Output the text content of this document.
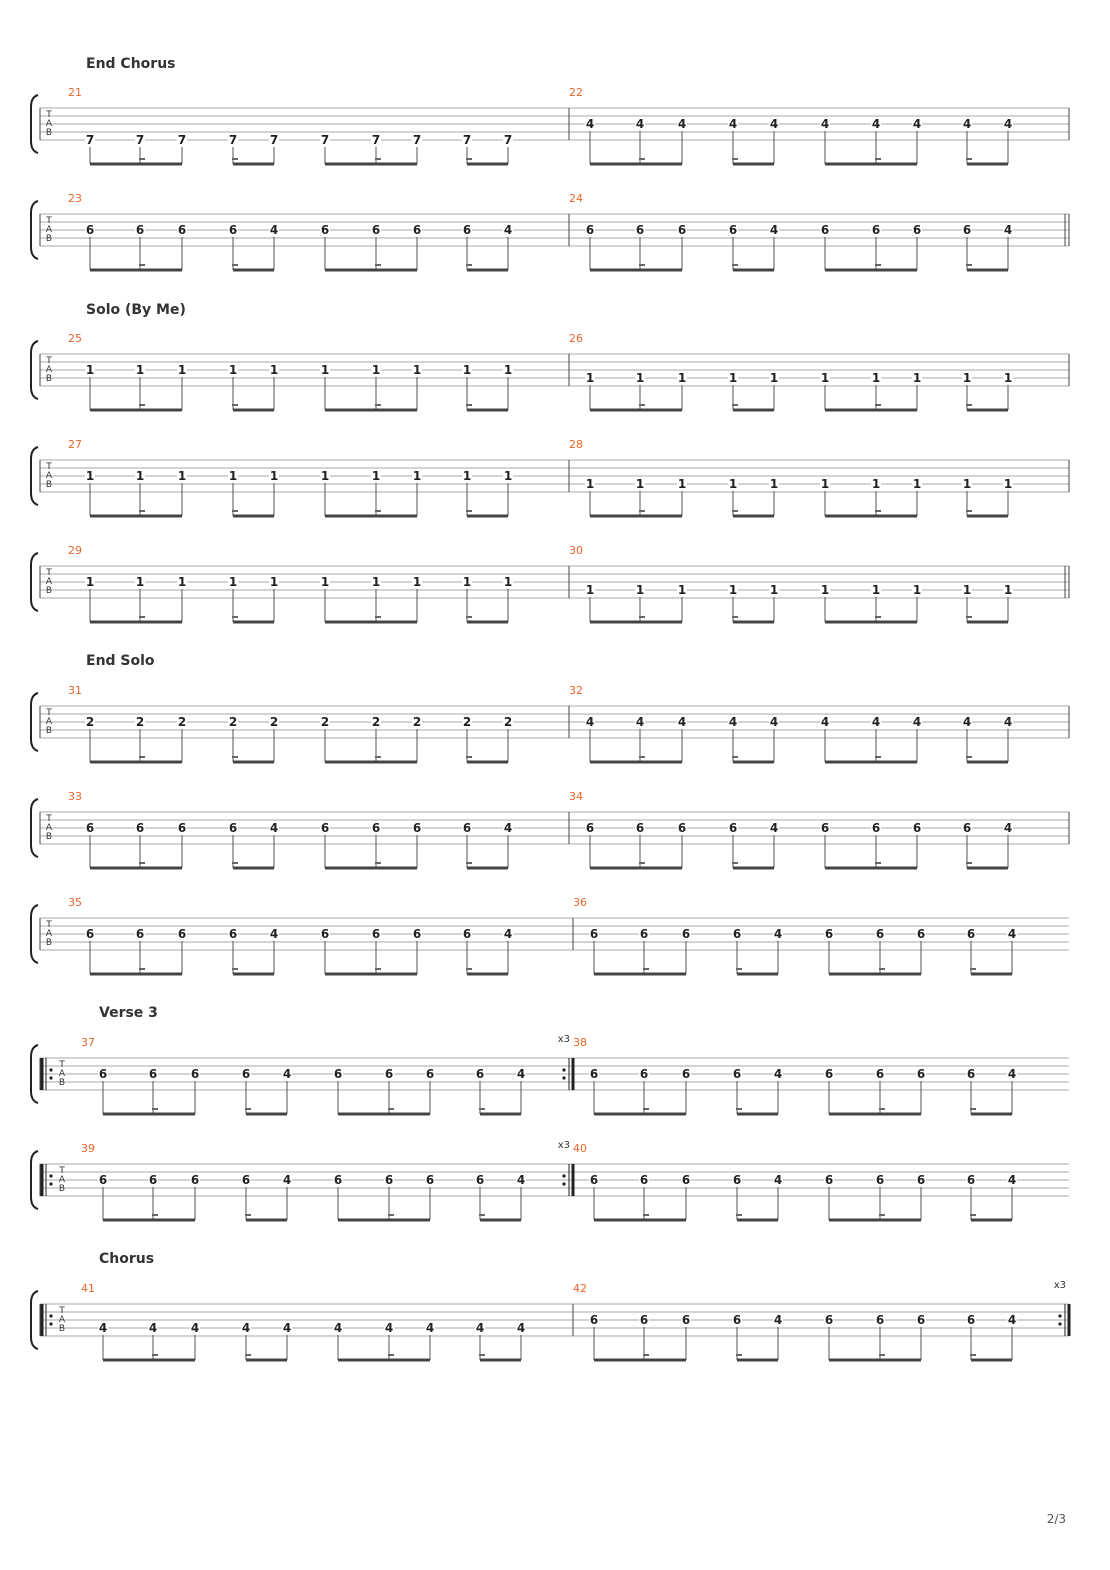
End Chorus
Solo (By Me)
End Solo
Verse 3
Chorus
T
A
B
21
7	7	7	7	7	7	7	7	7	7
22
4	4	4	4	4	4	4	4	4	4
T
A
B
23
6	6	6	6	4	6	6	6	6	4
24
6	6	6	6	4	6	6	6	6	4
T
A
B
25
1	1	1	1	1	1	1	1	1	1
26
1	1	1	1	1	1	1	1	1	1
T
A
B
27
1	1	1	1	1	1	1	1	1	1
28
1	1	1	1	1	1	1	1	1	1
T
A
B
29
1	1	1	1	1	1	1	1	1	1
30
1	1	1	1	1	1	1	1	1	1
T
A
B
31
2	2	2	2	2	2	2	2	2	2
32
4	4	4	4	4	4	4	4	4	4
T
A
B
33
6	6	6	6	4	6	6	6	6	4
34
6	6	6	6	4	6	6	6	6	4
T
A
B
35
6	6	6	6	4	6	6	6	6	4
36
6	6	6	6	4	6	6	6	6	4
T
A
B
37
6	6	6	6	4	6	6	6	6	4
x3 38
6	6	6	6	4	6	6	6	6	4
T
A
B
39
6	6	6	6	4	6	6	6	6	4
x3 40
6	6	6	6	4	6	6	6	6	4
T
A
B
41
4	4	4	4	4	4	4	4	4	4
42
6	6	6	6	4	6	6	6	6	4
x3
2/3
